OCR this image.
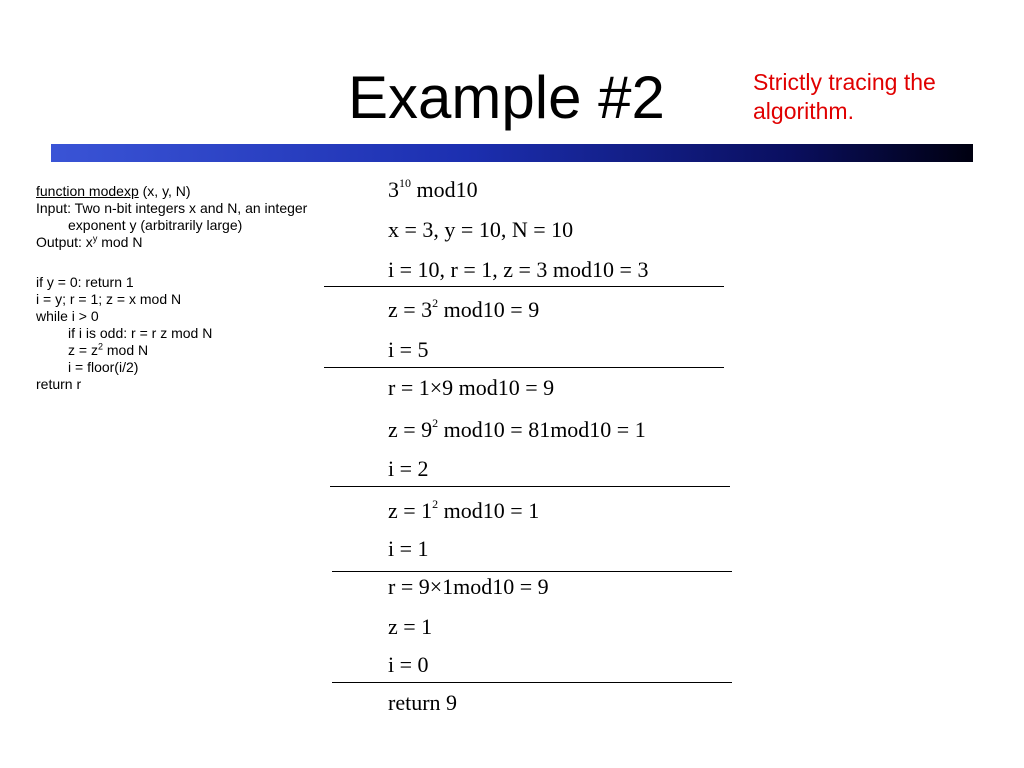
Example #2	Strictly tracing the algorithm.
function modexp (x, y, N)
Input: Two n-bit integers x and N, an integer
exponent y (arbitrarily large)
Output: $x^y$ mod N
if y = 0: return 1
i = y; r = 1; z = x mod N
while i > 0
if i is odd: r = r z mod N
$z = z^2$ mod N
i = floor(i/2)
return r
$3^{10}$ mod10
x = 3, y = 10, N = 10
i = 10, r = 1, z = 3 mod10 = 3
$z = 3^2$ mod10 = 9
i = 5
r = 1×9 mod10 = 9
$z = 9^2$ mod10 = 81mod10 = 1
i = 2
$z = 1^2$ mod10 = 1
i = 1
r = 9×1mod10 = 9
z = 1
i = 0
return 9
